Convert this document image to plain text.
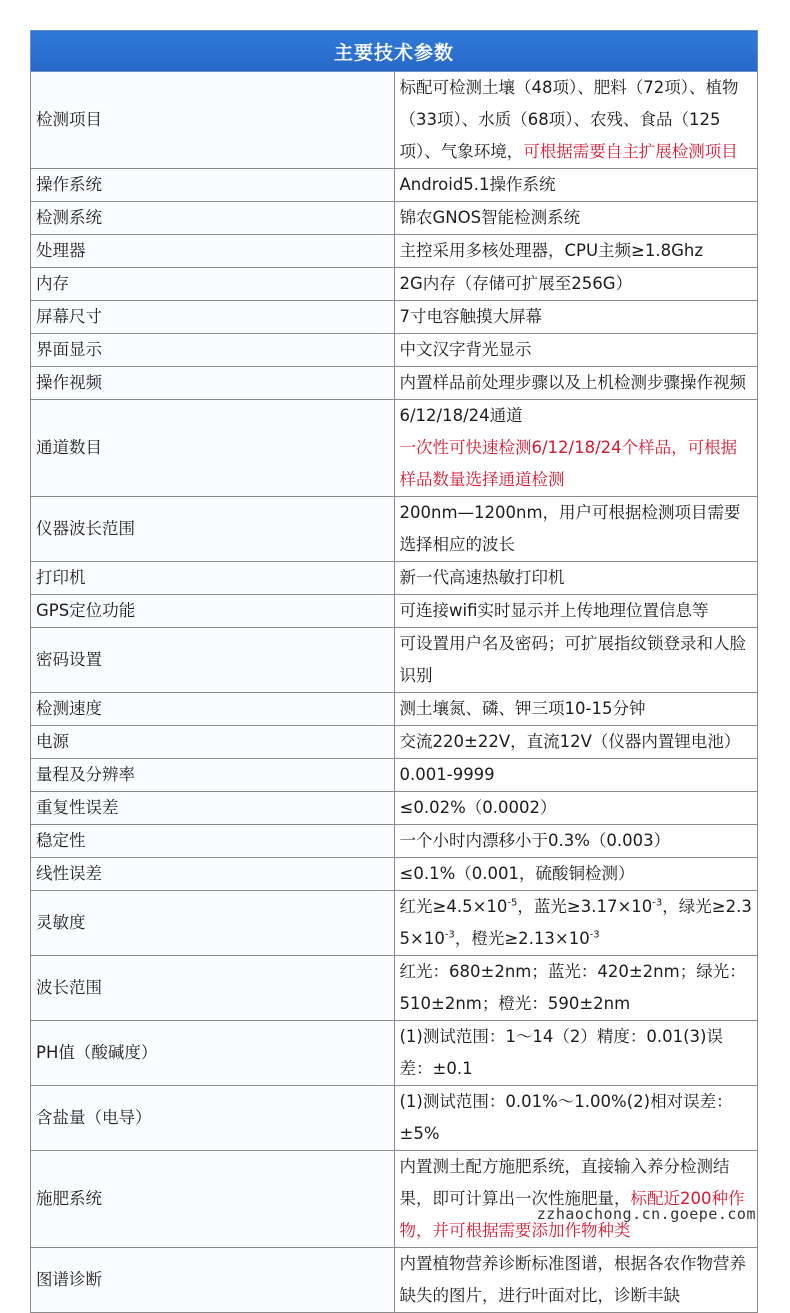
主要技术参数	
检测项目	标配可检测土壤（48项）、肥料（72项）、植物（33项）、水质（68项）、农残、食品（125项）、气象环境，可根据需要自主扩展检测项目
操作系统	Android5.1操作系统
检测系统	锦农GNOS智能检测系统
处理器	主控采用多核处理器，CPU主频≥1.8Ghz
内存	2G内存（存储可扩展至256G）
屏幕尺寸	7寸电容触摸大屏幕
界面显示	中文汉字背光显示
操作视频	内置样品前处理步骤以及上机检测步骤操作视频
通道数目	6/12/18/24通道
一次性可快速检测6/12/18/24个样品，可根据样品数量选择通道检测
仪器波长范围	200nm—1200nm，用户可根据检测项目需要选择相应的波长
打印机	新一代高速热敏打印机
GPS定位功能	可连接wifi实时显示并上传地理位置信息等
密码设置	可设置用户名及密码；可扩展指纹锁登录和人脸识别
检测速度	测土壤氮、磷、钾三项10-15分钟
电源	交流220±22V，直流12V（仪器内置锂电池）
量程及分辨率	0.001-9999
重复性误差	≤0.02%（0.0002）
稳定性	一个小时内漂移小于0.3%（0.003）
线性误差	≤0.1%（0.001，硫酸铜检测）
灵敏度	红光$\ge 4.5\times 10^{-5}$，蓝光$\ge 3.17\times 10^{-3}$，绿光$\ge 2.35\times 10^{-3}$，橙光$\ge 2.13\times 10^{-3}$
波长范围	红光：680±2nm；蓝光：420±2nm；绿光：510±2nm；橙光：590±2nm
PH值（酸碱度）	(1)测试范围：1～14（2）精度：0.01(3)误差：±0.1
含盐量（电导）	(1)测试范围：0.01%～1.00%(2)相对误差：±5%
施肥系统	内置测土配方施肥系统，直接输入养分检测结果，即可计算出一次性施肥量，标配近200种作物，并可根据需要添加作物种类
图谱诊断	内置植物营养诊断标准图谱，根据各农作物营养缺失的图片，进行叶面对比，诊断丰缺
zzhaochong.cn.goepe.com
